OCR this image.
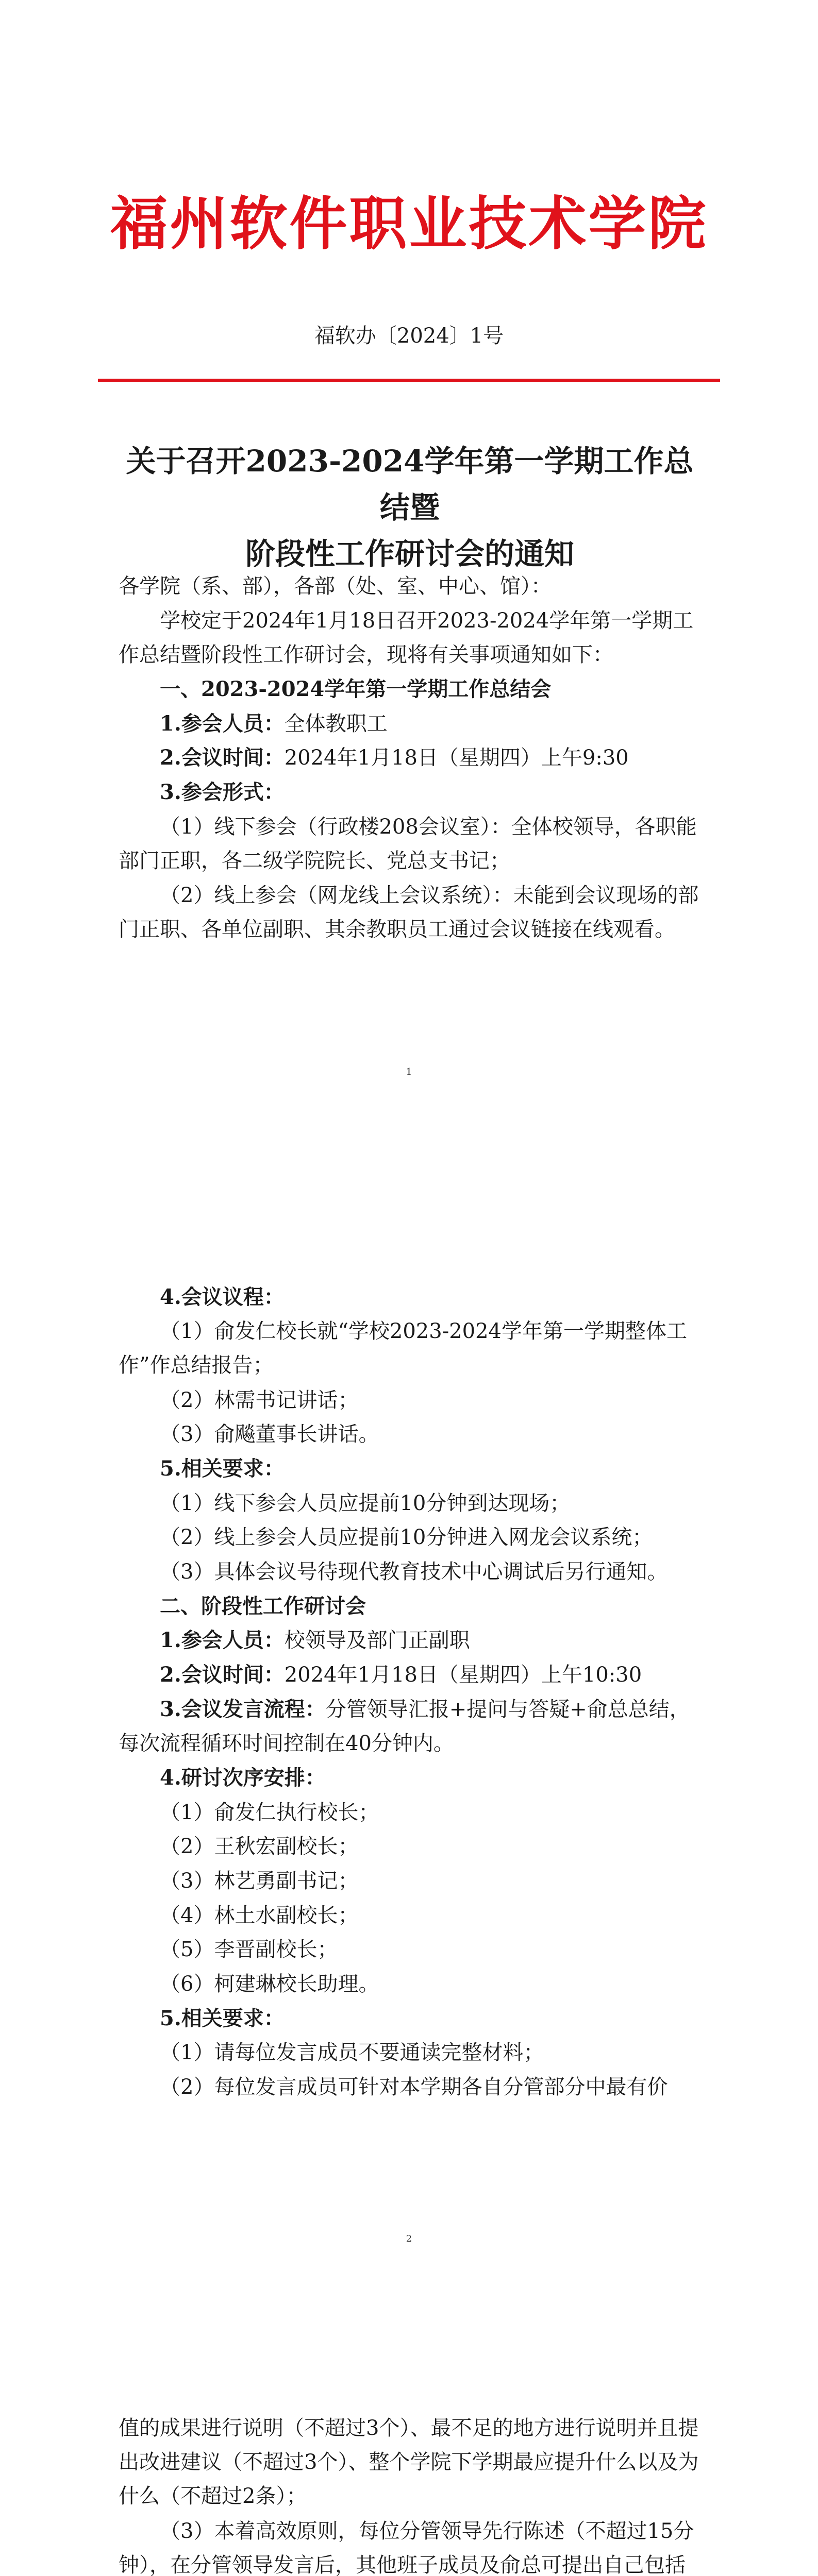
福州软件职业技术学院
福软办〔2024〕1号
关于召开2023-2024学年第一学期工作总结暨
阶段性工作研讨会的通知
各学院（系、部），各部（处、室、中心、馆）：
学校定于2024年1月18日召开2023-2024学年第一学期工作总结暨阶段性工作研讨会，现将有关事项通知如下：
一、2023-2024学年第一学期工作总结会
1.参会人员：全体教职工
2.会议时间：2024年1月18日（星期四）上午9:30
3.参会形式：
（1）线下参会（行政楼208会议室）：全体校领导，各职能部门正职，各二级学院院长、党总支书记；
（2）线上参会（网龙线上会议系统）：未能到会议现场的部门正职、各单位副职、其余教职员工通过会议链接在线观看。
1
4.会议议程：
（1）俞发仁校长就“学校2023-2024学年第一学期整体工作”作总结报告；
（2）林需书记讲话；
（3）俞飚董事长讲话。
5.相关要求：
（1）线下参会人员应提前10分钟到达现场；
（2）线上参会人员应提前10分钟进入网龙会议系统；
（3）具体会议号待现代教育技术中心调试后另行通知。
二、阶段性工作研讨会
1.参会人员：校领导及部门正副职
2.会议时间：2024年1月18日（星期四）上午10:30
3.会议发言流程：分管领导汇报+提问与答疑+俞总总结，每次流程循环时间控制在40分钟内。
4.研讨次序安排：
（1）俞发仁执行校长；
（2）王秋宏副校长；
（3）林艺勇副书记；
（4）林土水副校长；
（5）李晋副校长；
（6）柯建琳校长助理。
5.相关要求：
（1）请每位发言成员不要通读完整材料；
（2）每位发言成员可针对本学期各自分管部分中最有价
2
值的成果进行说明（不超过3个）、最不足的地方进行说明并且提出改进建议（不超过3个）、整个学院下学期最应提升什么以及为什么（不超过2条）；
（3）本着高效原则，每位分管领导先行陈述（不超过15分钟），在分管领导发言后，其他班子成员及俞总可提出自己包括
